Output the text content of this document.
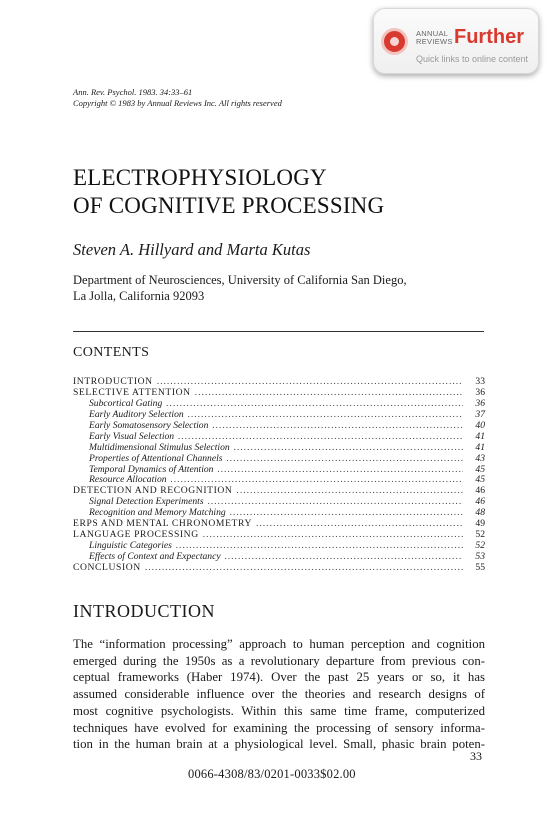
ANNUAL
REVIEWS Further
Quick links to online content
Ann. Rev. Psychol. 1983. 34:33–61
Copyright © 1983 by Annual Reviews Inc. All rights reserved
ELECTROPHYSIOLOGY
OF COGNITIVE PROCESSING
Steven A. Hillyard and Marta Kutas
Department of Neurosciences, University of California San Diego,
La Jolla, California 92093
CONTENTS
INTRODUCTION .....	33
SELECTIVE ATTENTION .....	36
Subcortical Gating .....	36
Early Auditory Selection .....	37
Early Somatosensory Selection .....	40
Early Visual Selection .....	41
Multidimensional Stimulus Selection .....	41
Properties of Attentional Channels .....	43
Temporal Dynamics of Attention .....	45
Resource Allocation .....	45
DETECTION AND RECOGNITION .....	46
Signal Detection Experiments .....	46
Recognition and Memory Matching .....	48
ERPS AND MENTAL CHRONOMETRY .....	49
LANGUAGE PROCESSING .....	52
Linguistic Categories .....	52
Effects of Context and Expectancy .....	53
CONCLUSION .....	55
INTRODUCTION
The “information processing” approach to human perception and cognition
emerged during the 1950s as a revolutionary departure from previous con-
ceptual frameworks (Haber 1974). Over the past 25 years or so, it has
assumed considerable influence over the theories and research designs of
most cognitive psychologists. Within this same time frame, computerized
techniques have evolved for examining the processing of sensory informa-
tion in the human brain at a physiological level. Small, phasic brain poten-
33
0066-4308/83/0201-0033$02.00
